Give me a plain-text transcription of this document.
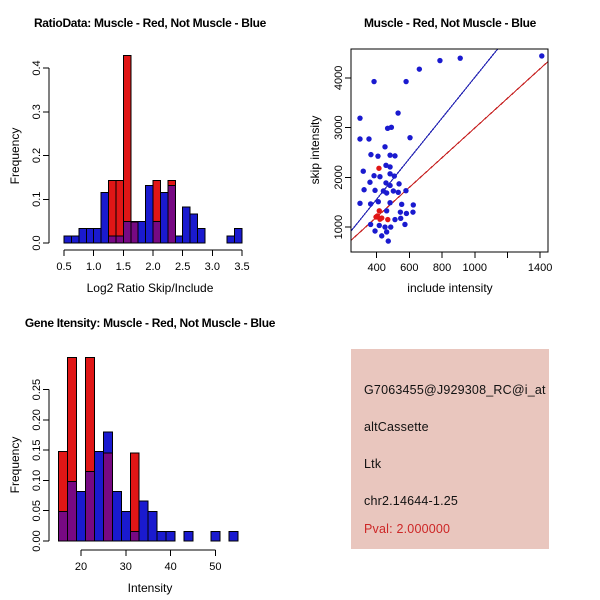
0.5 1.0 1.5 2.0 2.5 3.0 3.5
0.0
0.1
0.2
0.3
0.4
RatioData: Muscle - Red, Not Muscle - Blue
Log2 Ratio Skip/Include
Frequency
400 600 800 1000	1400
1000
2000
3000
4000
Muscle - Red, Not Muscle - Blue
include intensity
skip intensity
20	30	40	50
0.00
0.05
0.10
0.15
0.20
0.25
Gene Itensity: Muscle - Red, Not Muscle - Blue
Intensity
Frequency
G7063455@J929308_RC@i_at
altCassette
Ltk
chr2.14644-1.25
Pval: 2.000000
